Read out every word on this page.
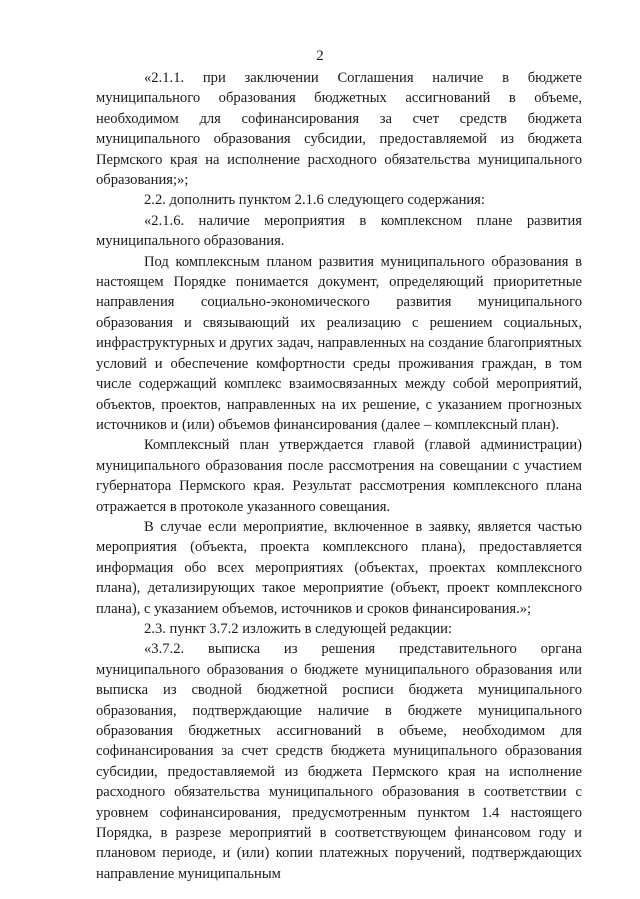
2

«2.1.1. при заключении Соглашения наличие в бюджете муниципального образования бюджетных ассигнований в объеме, необходимом для софинансирования за счет средств бюджета муниципального образования субсидии, предоставляемой из бюджета Пермского края на исполнение расходного обязательства муниципального образования;»;

2.2. дополнить пунктом 2.1.6 следующего содержания:

«2.1.6. наличие мероприятия в комплексном плане развития муниципального образования.

Под комплексным планом развития муниципального образования в настоящем Порядке понимается документ, определяющий приоритетные направления социально-экономического развития муниципального образования и связывающий их реализацию с решением социальных, инфраструктурных и других задач, направленных на создание благоприятных условий и обеспечение комфортности среды проживания граждан, в том числе содержащий комплекс взаимосвязанных между собой мероприятий, объектов, проектов, направленных на их решение, с указанием прогнозных источников и (или) объемов финансирования (далее – комплексный план).

Комплексный план утверждается главой (главой администрации) муниципального образования после рассмотрения на совещании с участием губернатора Пермского края. Результат рассмотрения комплексного плана отражается в протоколе указанного совещания.

В случае если мероприятие, включенное в заявку, является частью мероприятия (объекта, проекта комплексного плана), предоставляется информация обо всех мероприятиях (объектах, проектах комплексного плана), детализирующих такое мероприятие (объект, проект комплексного плана), с указанием объемов, источников и сроков финансирования.»;

2.3. пункт 3.7.2 изложить в следующей редакции:

«3.7.2. выписка из решения представительного органа муниципального образования о бюджете муниципального образования или выписка из сводной бюджетной росписи бюджета муниципального образования, подтверждающие наличие в бюджете муниципального образования бюджетных ассигнований в объеме, необходимом для софинансирования за счет средств бюджета муниципального образования субсидии, предоставляемой из бюджета Пермского края на исполнение расходного обязательства муниципального образования в соответствии с уровнем софинансирования, предусмотренным пунктом 1.4 настоящего Порядка, в разрезе мероприятий в соответствующем финансовом году и плановом периоде, и (или) копии платежных поручений, подтверждающих направление муниципальным
